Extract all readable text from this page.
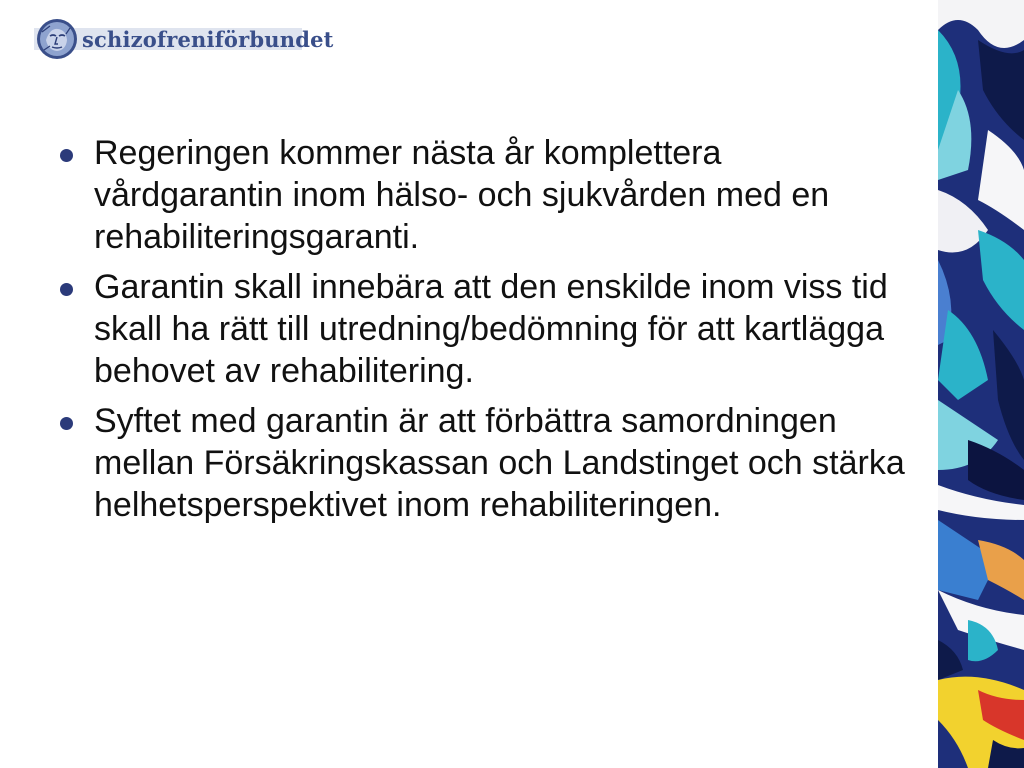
schizofreniförbundet
Regeringen kommer nästa år komplettera vårdgarantin inom hälso- och sjukvården med en rehabiliteringsgaranti.
Garantin skall innebära att den enskilde inom viss tid skall ha rätt till utredning/bedömning för att kartlägga behovet av rehabilitering.
Syftet med garantin är att förbättra samordningen mellan Försäkringskassan och Landstinget och stärka helhetsperspektivet inom rehabiliteringen.
